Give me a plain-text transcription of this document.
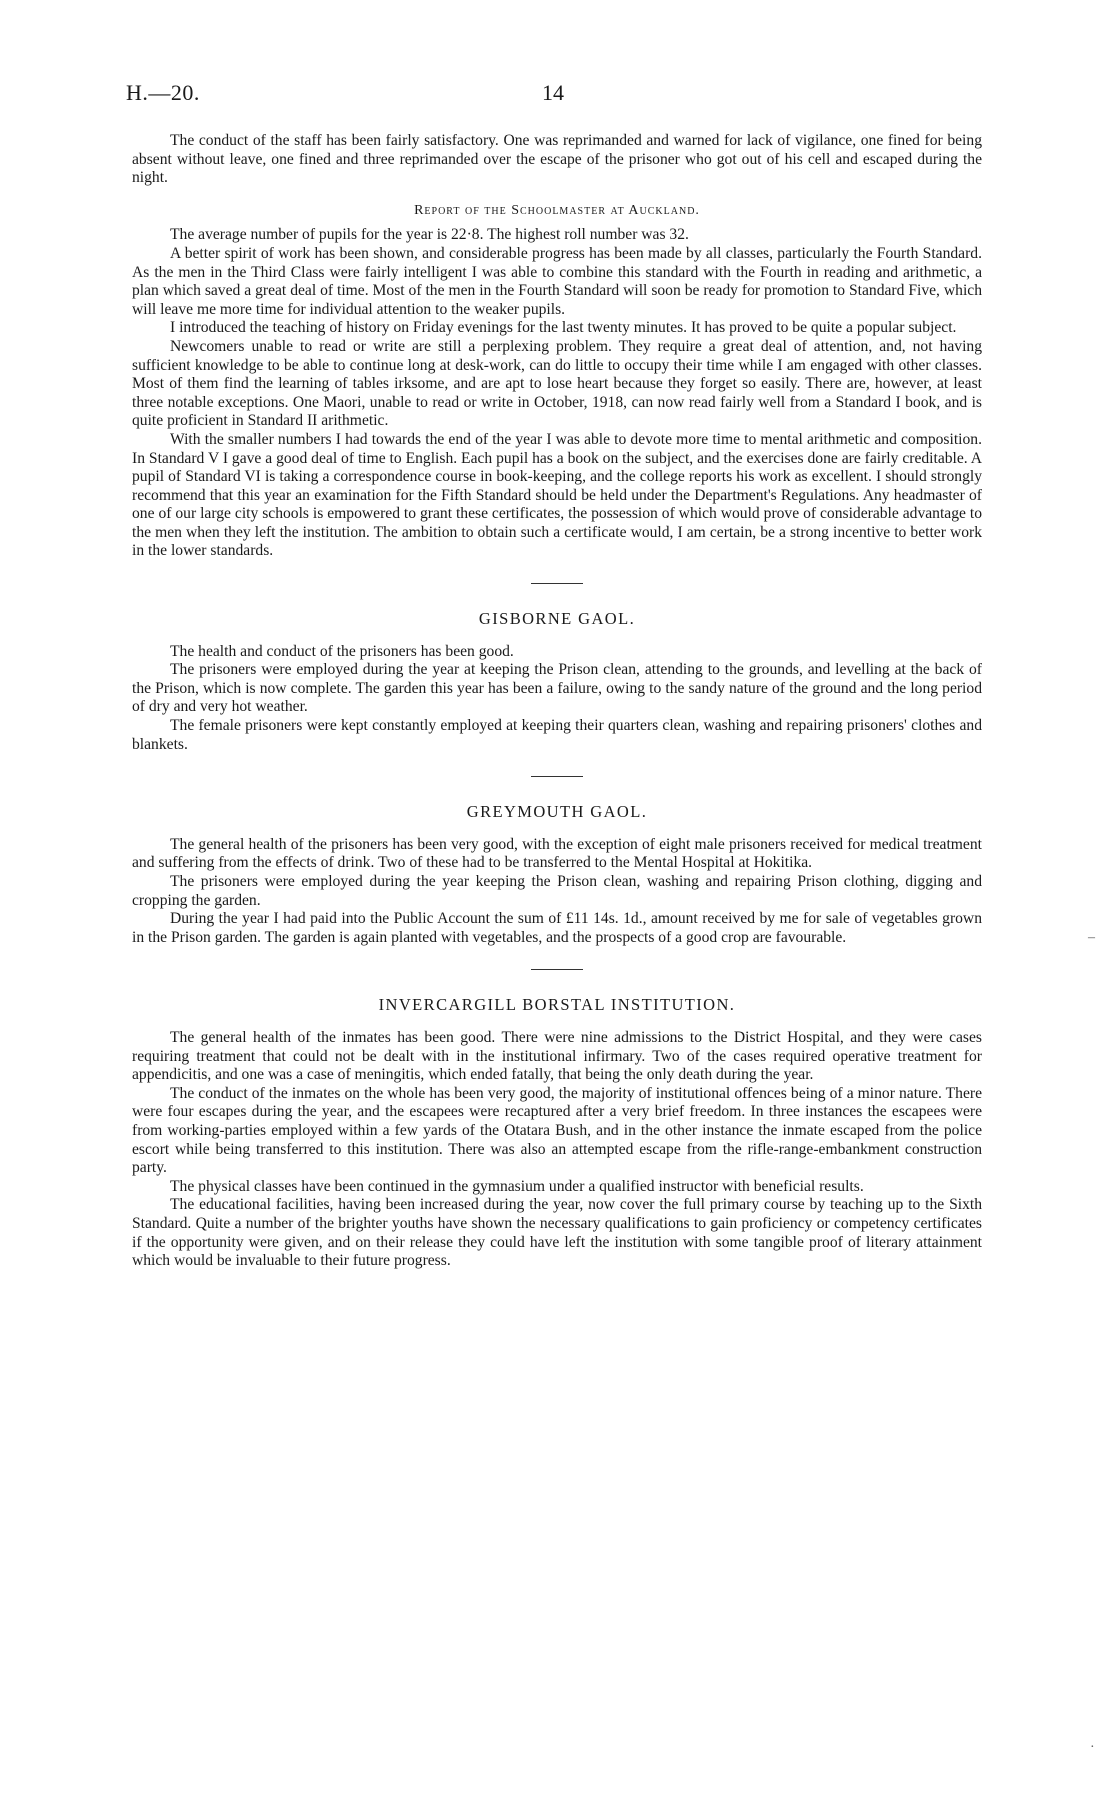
H.—20.	14

The conduct of the staff has been fairly satisfactory. One was reprimanded and warned for lack of vigilance, one fined for being absent without leave, one fined and three reprimanded over the escape of the prisoner who got out of his cell and escaped during the night.

Report of the Schoolmaster at Auckland.

The average number of pupils for the year is 22·8. The highest roll number was 32.

A better spirit of work has been shown, and considerable progress has been made by all classes, particularly the Fourth Standard. As the men in the Third Class were fairly intelligent I was able to combine this standard with the Fourth in reading and arithmetic, a plan which saved a great deal of time. Most of the men in the Fourth Standard will soon be ready for promotion to Standard Five, which will leave me more time for individual attention to the weaker pupils.

I introduced the teaching of history on Friday evenings for the last twenty minutes. It has proved to be quite a popular subject.

Newcomers unable to read or write are still a perplexing problem. They require a great deal of attention, and, not having sufficient knowledge to be able to continue long at desk-work, can do little to occupy their time while I am engaged with other classes. Most of them find the learning of tables irksome, and are apt to lose heart because they forget so easily. There are, however, at least three notable exceptions. One Maori, unable to read or write in October, 1918, can now read fairly well from a Standard I book, and is quite proficient in Standard II arithmetic.

With the smaller numbers I had towards the end of the year I was able to devote more time to mental arithmetic and composition. In Standard V I gave a good deal of time to English. Each pupil has a book on the subject, and the exercises done are fairly creditable. A pupil of Standard VI is taking a correspondence course in book-keeping, and the college reports his work as excellent. I should strongly recommend that this year an examination for the Fifth Standard should be held under the Department's Regulations. Any headmaster of one of our large city schools is empowered to grant these certificates, the possession of which would prove of considerable advantage to the men when they left the institution. The ambition to obtain such a certificate would, I am certain, be a strong incentive to better work in the lower standards.

GISBORNE GAOL.

The health and conduct of the prisoners has been good.

The prisoners were employed during the year at keeping the Prison clean, attending to the grounds, and levelling at the back of the Prison, which is now complete. The garden this year has been a failure, owing to the sandy nature of the ground and the long period of dry and very hot weather.

The female prisoners were kept constantly employed at keeping their quarters clean, washing and repairing prisoners' clothes and blankets.

GREYMOUTH GAOL.

The general health of the prisoners has been very good, with the exception of eight male prisoners received for medical treatment and suffering from the effects of drink. Two of these had to be transferred to the Mental Hospital at Hokitika.

The prisoners were employed during the year keeping the Prison clean, washing and repairing Prison clothing, digging and cropping the garden.

During the year I had paid into the Public Account the sum of £11 14s. 1d., amount received by me for sale of vegetables grown in the Prison garden. The garden is again planted with vegetables, and the prospects of a good crop are favourable.

INVERCARGILL BORSTAL INSTITUTION.

The general health of the inmates has been good. There were nine admissions to the District Hospital, and they were cases requiring treatment that could not be dealt with in the institutional infirmary. Two of the cases required operative treatment for appendicitis, and one was a case of meningitis, which ended fatally, that being the only death during the year.

The conduct of the inmates on the whole has been very good, the majority of institutional offences being of a minor nature. There were four escapes during the year, and the escapees were recaptured after a very brief freedom. In three instances the escapees were from working-parties employed within a few yards of the Otatara Bush, and in the other instance the inmate escaped from the police escort while being transferred to this institution. There was also an attempted escape from the rifle-range-embankment construction party.

The physical classes have been continued in the gymnasium under a qualified instructor with beneficial results.

The educational facilities, having been increased during the year, now cover the full primary course by teaching up to the Sixth Standard. Quite a number of the brighter youths have shown the necessary qualifications to gain proficiency or competency certificates if the opportunity were given, and on their release they could have left the institution with some tangible proof of literary attainment which would be invaluable to their future progress.

–
·
